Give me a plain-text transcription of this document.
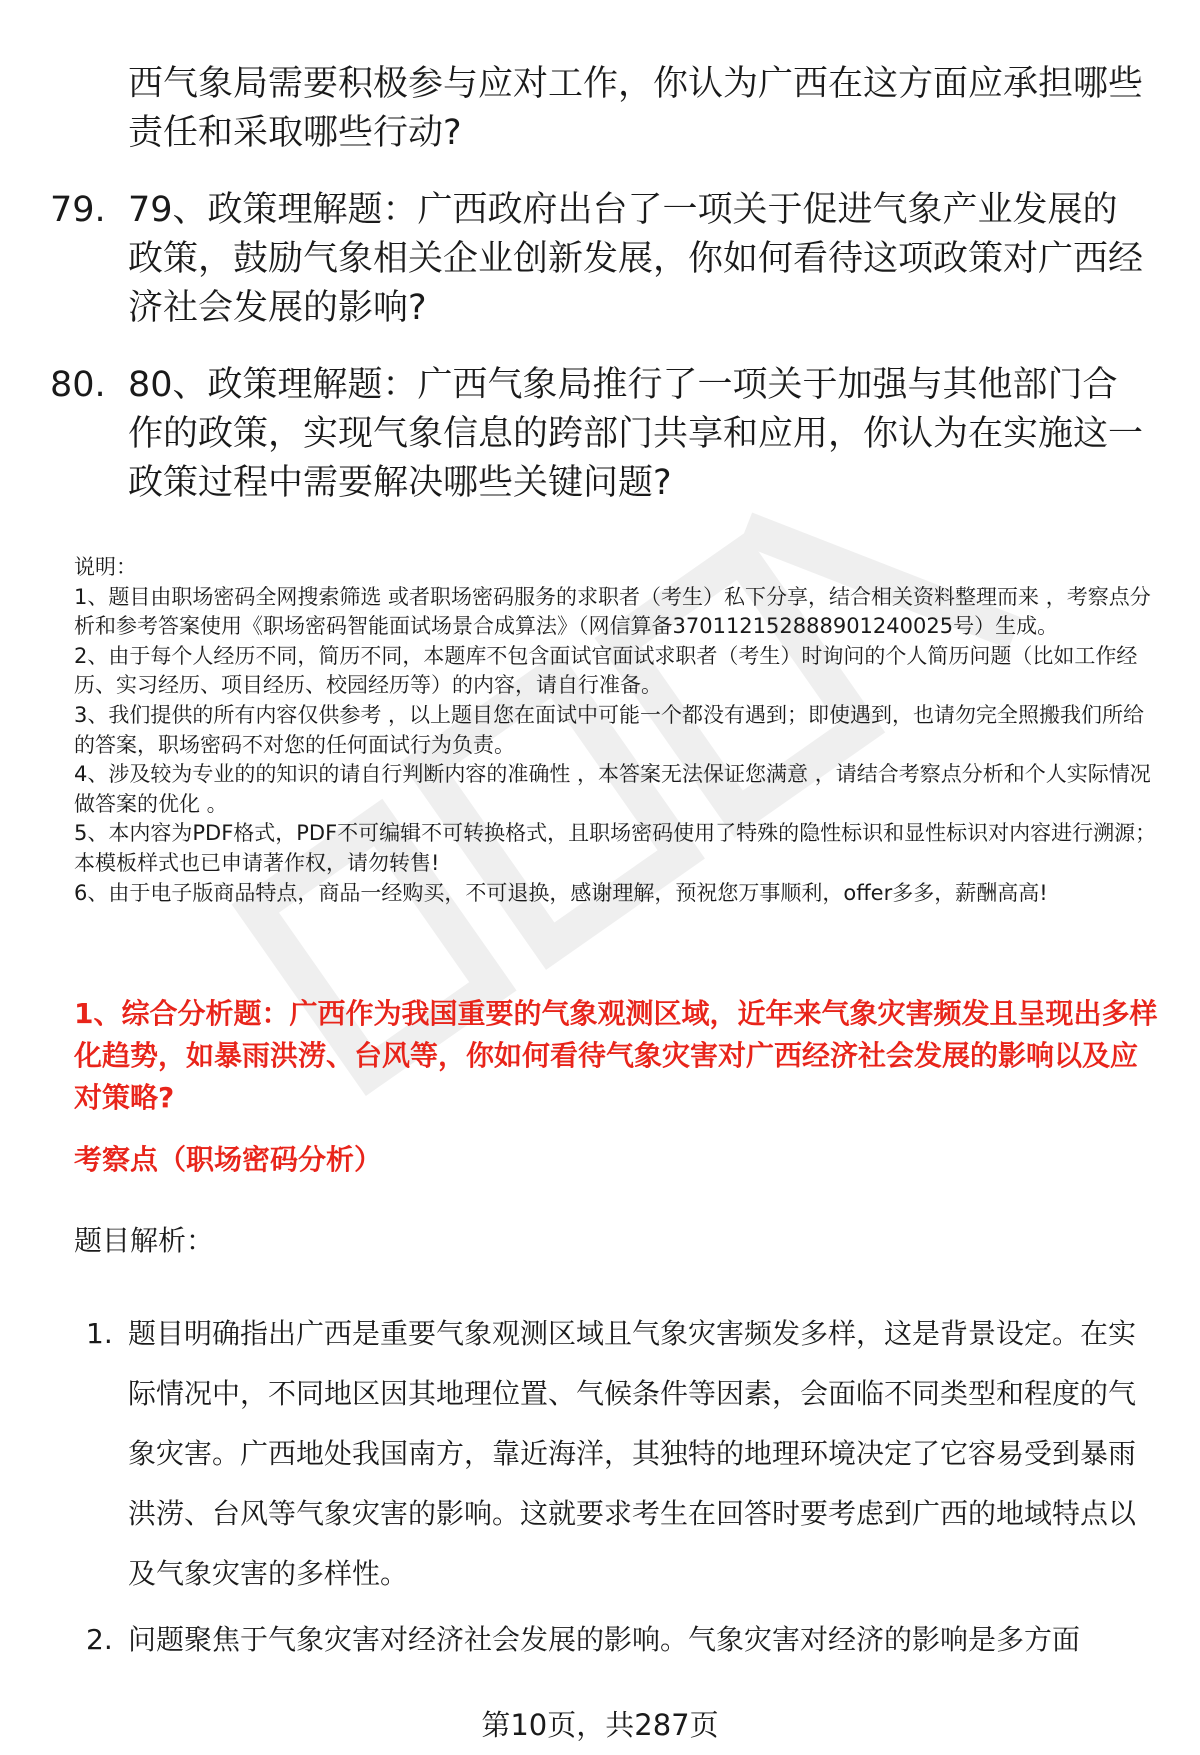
西气象局需要积极参与应对工作，你认为广西在这方面应承担哪些责任和采取哪些行动?
79. 79、政策理解题：广西政府出台了一项关于促进气象产业发展的政策，鼓励气象相关企业创新发展，你如何看待这项政策对广西经济社会发展的影响?
80. 80、政策理解题：广西气象局推行了一项关于加强与其他部门合作的政策，实现气象信息的跨部门共享和应用，你认为在实施这一政策过程中需要解决哪些关键问题?

说明：

1、题目由职场密码全网搜索筛选 或者职场密码服务的求职者（考生）私下分享，结合相关资料整理而来 ，考察点分析和参考答案使用《职场密码智能面试场景合成算法》（网信算备370112152888901240025号）生成。

2、由于每个人经历不同，简历不同，本题库不包含面试官面试求职者（考生）时询问的个人简历问题（比如工作经历、实习经历、项目经历、校园经历等）的内容，请自行准备。

3、我们提供的所有内容仅供参考 ，以上题目您在面试中可能一个都没有遇到；即使遇到，也请勿完全照搬我们所给的答案，职场密码不对您的任何面试行为负责。

4、涉及较为专业的的知识的请自行判断内容的准确性 ，本答案无法保证您满意 ，请结合考察点分析和个人实际情况做答案的优化 。

5、本内容为PDF格式，PDF不可编辑不可转换格式，且职场密码使用了特殊的隐性标识和显性标识对内容进行溯源；本模板样式也已申请著作权，请勿转售!

6、由于电子版商品特点，商品一经购买，不可退换，感谢理解，预祝您万事顺利，offer多多，薪酬高高!

1、综合分析题：广西作为我国重要的气象观测区域，近年来气象灾害频发且呈现出多样化趋势，如暴雨洪涝、台风等，你如何看待气象灾害对广西经济社会发展的影响以及应对策略?
考察点（职场密码分析）
题目解析：
1. 题目明确指出广西是重要气象观测区域且气象灾害频发多样，这是背景设定。在实际情况中，不同地区因其地理位置、气候条件等因素，会面临不同类型和程度的气象灾害。广西地处我国南方，靠近海洋，其独特的地理环境决定了它容易受到暴雨洪涝、台风等气象灾害的影响。这就要求考生在回答时要考虑到广西的地域特点以及气象灾害的多样性。
2. 问题聚焦于气象灾害对经济社会发展的影响。气象灾害对经济的影响是多方面
第10页，共287页
